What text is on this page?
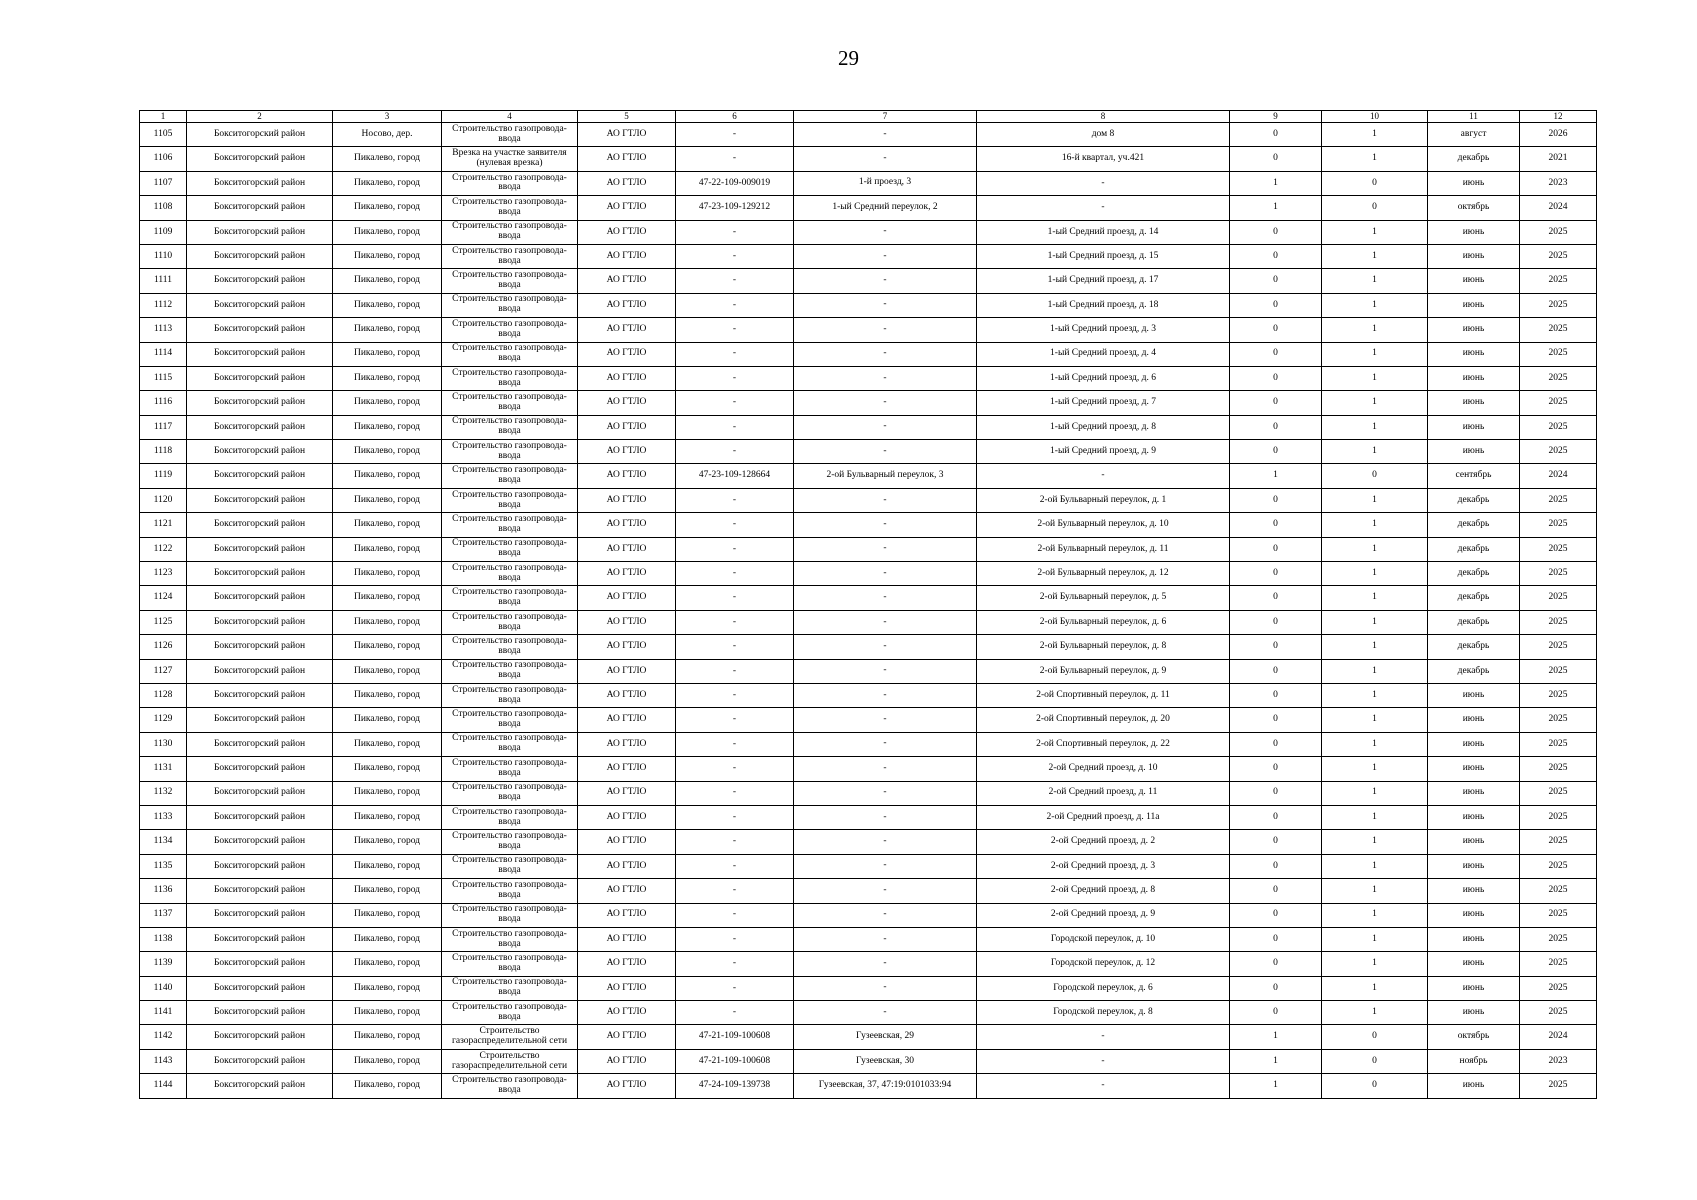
29
1	2	3	4	5	6	7	8	9	10	11	12
1105	Бокситогорский район	Носово, дер.	Строительство газопровода-ввода	АО ГТЛО	-	-	дом 8	0	1	август	2026
1106	Бокситогорский район	Пикалево, город	Врезка на участке заявителя (нулевая врезка)	АО ГТЛО	-	-	16-й квартал, уч.421	0	1	декабрь	2021
1107	Бокситогорский район	Пикалево, город	Строительство газопровода-ввода	АО ГТЛО	47-22-109-009019	1-й проезд, 3	-	1	0	июнь	2023
1108	Бокситогорский район	Пикалево, город	Строительство газопровода-ввода	АО ГТЛО	47-23-109-129212	1-ый Средний переулок, 2	-	1	0	октябрь	2024
1109	Бокситогорский район	Пикалево, город	Строительство газопровода-ввода	АО ГТЛО	-	-	1-ый Средний проезд, д. 14	0	1	июнь	2025
1110	Бокситогорский район	Пикалево, город	Строительство газопровода-ввода	АО ГТЛО	-	-	1-ый Средний проезд, д. 15	0	1	июнь	2025
1111	Бокситогорский район	Пикалево, город	Строительство газопровода-ввода	АО ГТЛО	-	-	1-ый Средний проезд, д. 17	0	1	июнь	2025
1112	Бокситогорский район	Пикалево, город	Строительство газопровода-ввода	АО ГТЛО	-	-	1-ый Средний проезд, д. 18	0	1	июнь	2025
1113	Бокситогорский район	Пикалево, город	Строительство газопровода-ввода	АО ГТЛО	-	-	1-ый Средний проезд, д. 3	0	1	июнь	2025
1114	Бокситогорский район	Пикалево, город	Строительство газопровода-ввода	АО ГТЛО	-	-	1-ый Средний проезд, д. 4	0	1	июнь	2025
1115	Бокситогорский район	Пикалево, город	Строительство газопровода-ввода	АО ГТЛО	-	-	1-ый Средний проезд, д. 6	0	1	июнь	2025
1116	Бокситогорский район	Пикалево, город	Строительство газопровода-ввода	АО ГТЛО	-	-	1-ый Средний проезд, д. 7	0	1	июнь	2025
1117	Бокситогорский район	Пикалево, город	Строительство газопровода-ввода	АО ГТЛО	-	-	1-ый Средний проезд, д. 8	0	1	июнь	2025
1118	Бокситогорский район	Пикалево, город	Строительство газопровода-ввода	АО ГТЛО	-	-	1-ый Средний проезд, д. 9	0	1	июнь	2025
1119	Бокситогорский район	Пикалево, город	Строительство газопровода-ввода	АО ГТЛО	47-23-109-128664	2-ой Бульварный переулок, 3	-	1	0	сентябрь	2024
1120	Бокситогорский район	Пикалево, город	Строительство газопровода-ввода	АО ГТЛО	-	-	2-ой Бульварный переулок, д. 1	0	1	декабрь	2025
1121	Бокситогорский район	Пикалево, город	Строительство газопровода-ввода	АО ГТЛО	-	-	2-ой Бульварный переулок, д. 10	0	1	декабрь	2025
1122	Бокситогорский район	Пикалево, город	Строительство газопровода-ввода	АО ГТЛО	-	-	2-ой Бульварный переулок, д. 11	0	1	декабрь	2025
1123	Бокситогорский район	Пикалево, город	Строительство газопровода-ввода	АО ГТЛО	-	-	2-ой Бульварный переулок, д. 12	0	1	декабрь	2025
1124	Бокситогорский район	Пикалево, город	Строительство газопровода-ввода	АО ГТЛО	-	-	2-ой Бульварный переулок, д. 5	0	1	декабрь	2025
1125	Бокситогорский район	Пикалево, город	Строительство газопровода-ввода	АО ГТЛО	-	-	2-ой Бульварный переулок, д. 6	0	1	декабрь	2025
1126	Бокситогорский район	Пикалево, город	Строительство газопровода-ввода	АО ГТЛО	-	-	2-ой Бульварный переулок, д. 8	0	1	декабрь	2025
1127	Бокситогорский район	Пикалево, город	Строительство газопровода-ввода	АО ГТЛО	-	-	2-ой Бульварный переулок, д. 9	0	1	декабрь	2025
1128	Бокситогорский район	Пикалево, город	Строительство газопровода-ввода	АО ГТЛО	-	-	2-ой Спортивный переулок, д. 11	0	1	июнь	2025
1129	Бокситогорский район	Пикалево, город	Строительство газопровода-ввода	АО ГТЛО	-	-	2-ой Спортивный переулок, д. 20	0	1	июнь	2025
1130	Бокситогорский район	Пикалево, город	Строительство газопровода-ввода	АО ГТЛО	-	-	2-ой Спортивный переулок, д. 22	0	1	июнь	2025
1131	Бокситогорский район	Пикалево, город	Строительство газопровода-ввода	АО ГТЛО	-	-	2-ой Средний проезд, д. 10	0	1	июнь	2025
1132	Бокситогорский район	Пикалево, город	Строительство газопровода-ввода	АО ГТЛО	-	-	2-ой Средний проезд, д. 11	0	1	июнь	2025
1133	Бокситогорский район	Пикалево, город	Строительство газопровода-ввода	АО ГТЛО	-	-	2-ой Средний проезд, д. 11а	0	1	июнь	2025
1134	Бокситогорский район	Пикалево, город	Строительство газопровода-ввода	АО ГТЛО	-	-	2-ой Средний проезд, д. 2	0	1	июнь	2025
1135	Бокситогорский район	Пикалево, город	Строительство газопровода-ввода	АО ГТЛО	-	-	2-ой Средний проезд, д. 3	0	1	июнь	2025
1136	Бокситогорский район	Пикалево, город	Строительство газопровода-ввода	АО ГТЛО	-	-	2-ой Средний проезд, д. 8	0	1	июнь	2025
1137	Бокситогорский район	Пикалево, город	Строительство газопровода-ввода	АО ГТЛО	-	-	2-ой Средний проезд, д. 9	0	1	июнь	2025
1138	Бокситогорский район	Пикалево, город	Строительство газопровода-ввода	АО ГТЛО	-	-	Городской переулок, д. 10	0	1	июнь	2025
1139	Бокситогорский район	Пикалево, город	Строительство газопровода-ввода	АО ГТЛО	-	-	Городской переулок, д. 12	0	1	июнь	2025
1140	Бокситогорский район	Пикалево, город	Строительство газопровода-ввода	АО ГТЛО	-	-	Городской переулок, д. 6	0	1	июнь	2025
1141	Бокситогорский район	Пикалево, город	Строительство газопровода-ввода	АО ГТЛО	-	-	Городской переулок, д. 8	0	1	июнь	2025
1142	Бокситогорский район	Пикалево, город	Строительство газораспределительной сети	АО ГТЛО	47-21-109-100608	Гузеевская, 29	-	1	0	октябрь	2024
1143	Бокситогорский район	Пикалево, город	Строительство газораспределительной сети	АО ГТЛО	47-21-109-100608	Гузеевская, 30	-	1	0	ноябрь	2023
1144	Бокситогорский район	Пикалево, город	Строительство газопровода-ввода	АО ГТЛО	47-24-109-139738	Гузеевская, 37, 47:19:0101033:94	-	1	0	июнь	2025
